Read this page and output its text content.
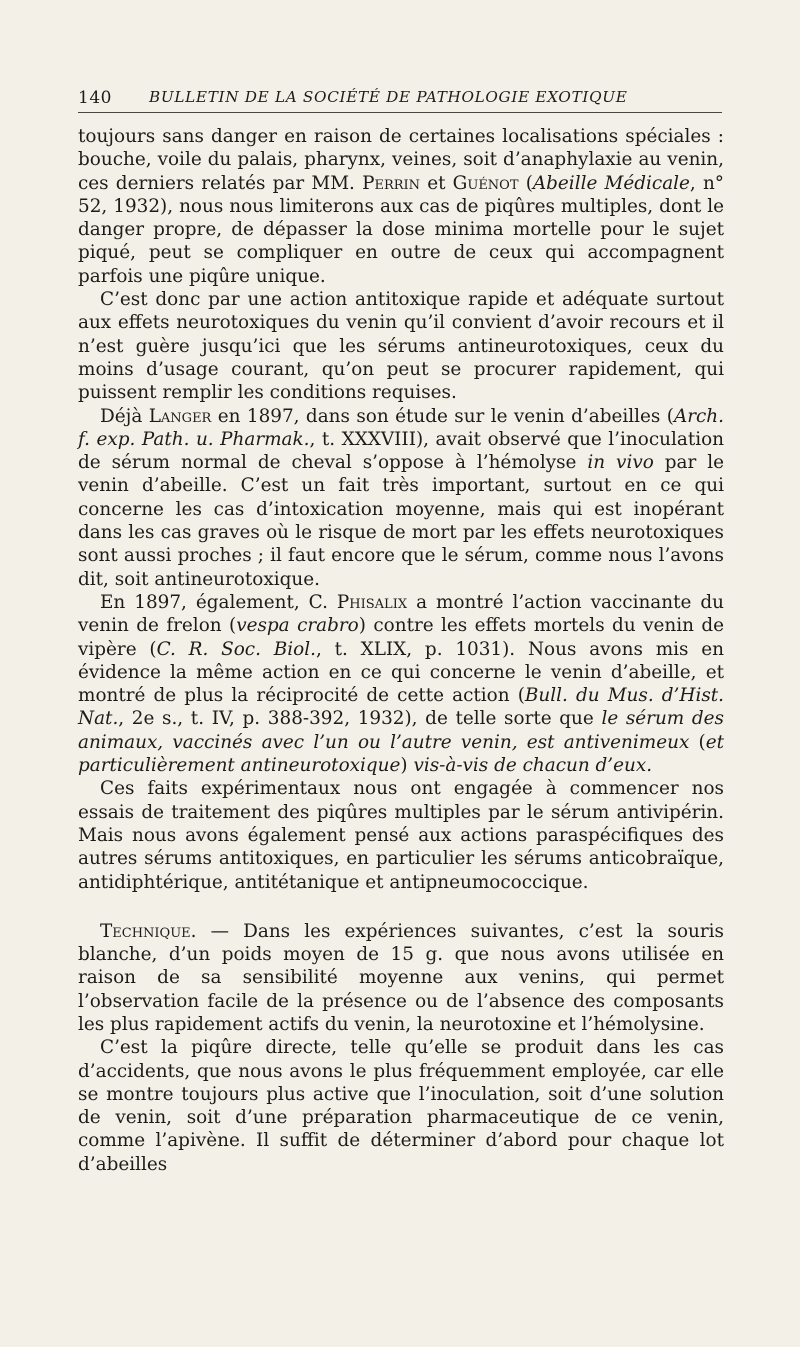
140 BULLETIN DE LA SOCIÉTÉ DE PATHOLOGIE EXOTIQUE

toujours sans danger en raison de certaines localisations spéciales : bouche, voile du palais, pharynx, veines, soit d’anaphylaxie au venin, ces derniers relatés par MM. Perrin et Guénot (Abeille Médicale, n° 52, 1932), nous nous limiterons aux cas de piqûres multiples, dont le danger propre, de dépasser la dose minima mortelle pour le sujet piqué, peut se compliquer en outre de ceux qui accompagnent parfois une piqûre unique.

C’est donc par une action antitoxique rapide et adéquate surtout aux effets neurotoxiques du venin qu’il convient d’avoir recours et il n’est guère jusqu’ici que les sérums antineurotoxiques, ceux du moins d’usage courant, qu’on peut se procurer rapidement, qui puissent remplir les conditions requises.

Déjà Langer en 1897, dans son étude sur le venin d’abeilles (Arch. f. exp. Path. u. Pharmak., t. XXXVIII), avait observé que l’inoculation de sérum normal de cheval s’oppose à l’hémolyse in vivo par le venin d’abeille. C’est un fait très important, surtout en ce qui concerne les cas d’intoxication moyenne, mais qui est inopérant dans les cas graves où le risque de mort par les effets neurotoxiques sont aussi proches ; il faut encore que le sérum, comme nous l’avons dit, soit antineurotoxique.

En 1897, également, C. Phisalix a montré l’action vaccinante du venin de frelon (vespa crabro) contre les effets mortels du venin de vipère (C. R. Soc. Biol., t. XLIX, p. 1031). Nous avons mis en évidence la même action en ce qui concerne le venin d’abeille, et montré de plus la réciprocité de cette action (Bull. du Mus. d’Hist. Nat., 2e s., t. IV, p. 388-392, 1932), de telle sorte que le sérum des animaux, vaccinés avec l’un ou l’autre venin, est antivenimeux (et particulièrement antineurotoxique) vis-à-vis de chacun d’eux.

Ces faits expérimentaux nous ont engagée à commencer nos essais de traitement des piqûres multiples par le sérum antivipérin. Mais nous avons également pensé aux actions paraspécifiques des autres sérums antitoxiques, en particulier les sérums anticobraïque, antidiphtérique, antitétanique et antipneumococcique.

Technique. — Dans les expériences suivantes, c’est la souris blanche, d’un poids moyen de 15 g. que nous avons utilisée en raison de sa sensibilité moyenne aux venins, qui permet l’observation facile de la présence ou de l’absence des composants les plus rapidement actifs du venin, la neurotoxine et l’hémolysine.

C’est la piqûre directe, telle qu’elle se produit dans les cas d’accidents, que nous avons le plus fréquemment employée, car elle se montre toujours plus active que l’inoculation, soit d’une solution de venin, soit d’une préparation pharmaceutique de ce venin, comme l’apivène. Il suffit de déterminer d’abord pour chaque lot d’abeilles
